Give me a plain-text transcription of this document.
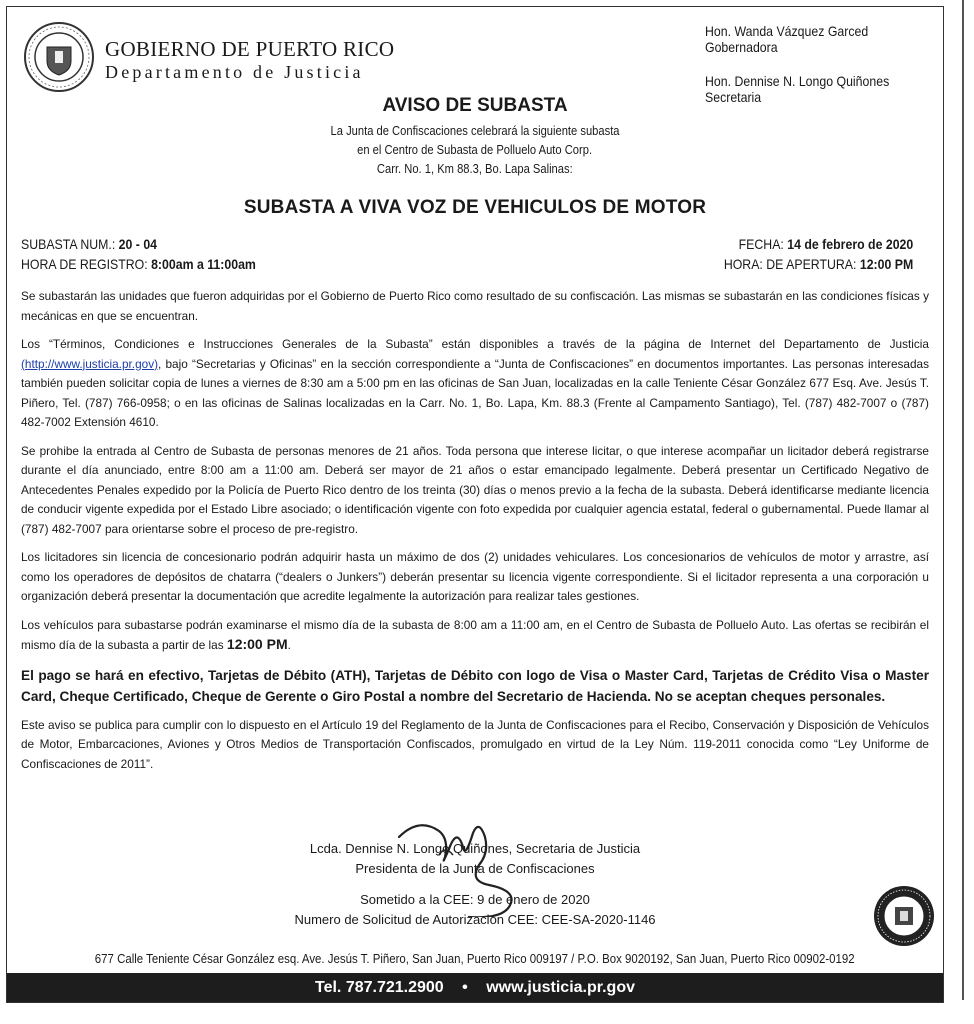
GOBIERNO DE PUERTO RICO
Departamento de Justicia
Hon. Wanda Vázquez Garced
Gobernadora
Hon. Dennise N. Longo Quiñones
Secretaria
AVISO DE SUBASTA
La Junta de Confiscaciones celebrará la siguiente subasta
en el Centro de Subasta de Polluelo Auto Corp.
Carr. No. 1, Km 88.3, Bo. Lapa Salinas:
SUBASTA A VIVA VOZ DE VEHICULOS DE MOTOR
SUBASTA NUM.: 20 - 04
HORA DE REGISTRO: 8:00am a 11:00am
FECHA: 14 de febrero de 2020
HORA: DE APERTURA: 12:00 PM

Se subastarán las unidades que fueron adquiridas por el Gobierno de Puerto Rico como resultado de su confiscación. Las mismas se subastarán en las condiciones físicas y mecánicas en que se encuentran.

Los “Términos, Condiciones e Instrucciones Generales de la Subasta” están disponibles a través de la página de Internet del Departamento de Justicia (http://www.justicia.pr.gov), bajo “Secretarias y Oficinas” en la sección correspondiente a “Junta de Confiscaciones” en documentos importantes. Las personas interesadas también pueden solicitar copia de lunes a viernes de 8:30 am a 5:00 pm en las oficinas de San Juan, localizadas en la calle Teniente César González 677 Esq. Ave. Jesús T. Piñero, Tel. (787) 766-0958; o en las oficinas de Salinas localizadas en la Carr. No. 1, Bo. Lapa, Km. 88.3 (Frente al Campamento Santiago), Tel. (787) 482-7007 o (787) 482-7002 Extensión 4610.

Se prohibe la entrada al Centro de Subasta de personas menores de 21 años. Toda persona que interese licitar, o que interese acompañar un licitador deberá registrarse durante el día anunciado, entre 8:00 am a 11:00 am. Deberá ser mayor de 21 años o estar emancipado legalmente. Deberá presentar un Certificado Negativo de Antecedentes Penales expedido por la Policía de Puerto Rico dentro de los treinta (30) días o menos previo a la fecha de la subasta. Deberá identificarse mediante licencia de conducir vigente expedida por el Estado Libre asociado; o identificación vigente con foto expedida por cualquier agencia estatal, federal o gubernamental. Puede llamar al (787) 482-7007 para orientarse sobre el proceso de pre-registro.

Los licitadores sin licencia de concesionario podrán adquirir hasta un máximo de dos (2) unidades vehiculares. Los concesionarios de vehículos de motor y arrastre, así como los operadores de depósitos de chatarra (“dealers o Junkers”) deberán presentar su licencia vigente correspondiente. Si el licitador representa a una corporación u organización deberá presentar la documentación que acredite legalmente la autorización para realizar tales gestiones.

Los vehículos para subastarse podrán examinarse el mismo día de la subasta de 8:00 am a 11:00 am, en el Centro de Subasta de Polluelo Auto. Las ofertas se recibirán el mismo día de la subasta a partir de las 12:00 PM.

El pago se hará en efectivo, Tarjetas de Débito (ATH), Tarjetas de Débito con logo de Visa o Master Card, Tarjetas de Crédito Visa o Master Card, Cheque Certificado, Cheque de Gerente o Giro Postal a nombre del Secretario de Hacienda. No se aceptan cheques personales.

Este aviso se publica para cumplir con lo dispuesto en el Artículo 19 del Reglamento de la Junta de Confiscaciones para el Recibo, Conservación y Disposición de Vehículos de Motor, Embarcaciones, Aviones y Otros Medios de Transportación Confiscados, promulgado en virtud de la Ley Núm. 119-2011 conocida como “Ley Uniforme de Confiscaciones de 2011”.

Lcda. Dennise N. Longo Quiñones, Secretaria de Justicia
Presidenta de la Junta de Confiscaciones
Sometido a la CEE: 9 de enero de 2020
Numero de Solicitud de Autorización CEE: CEE-SA-2020-1146
677 Calle Teniente César González esq. Ave. Jesús T. Piñero, San Juan, Puerto Rico 009197 / P.O. Box 9020192, San Juan, Puerto Rico 00902-0192
Tel. 787.721.2900 • www.justicia.pr.gov
